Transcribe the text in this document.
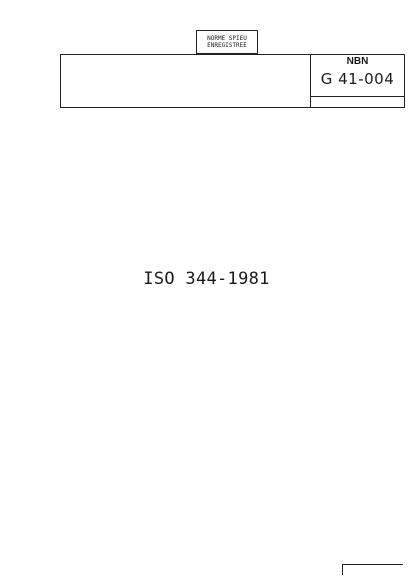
NORME SPIEU
ENREGISTREE
NBN
G 41-004
ISO 344-1981
